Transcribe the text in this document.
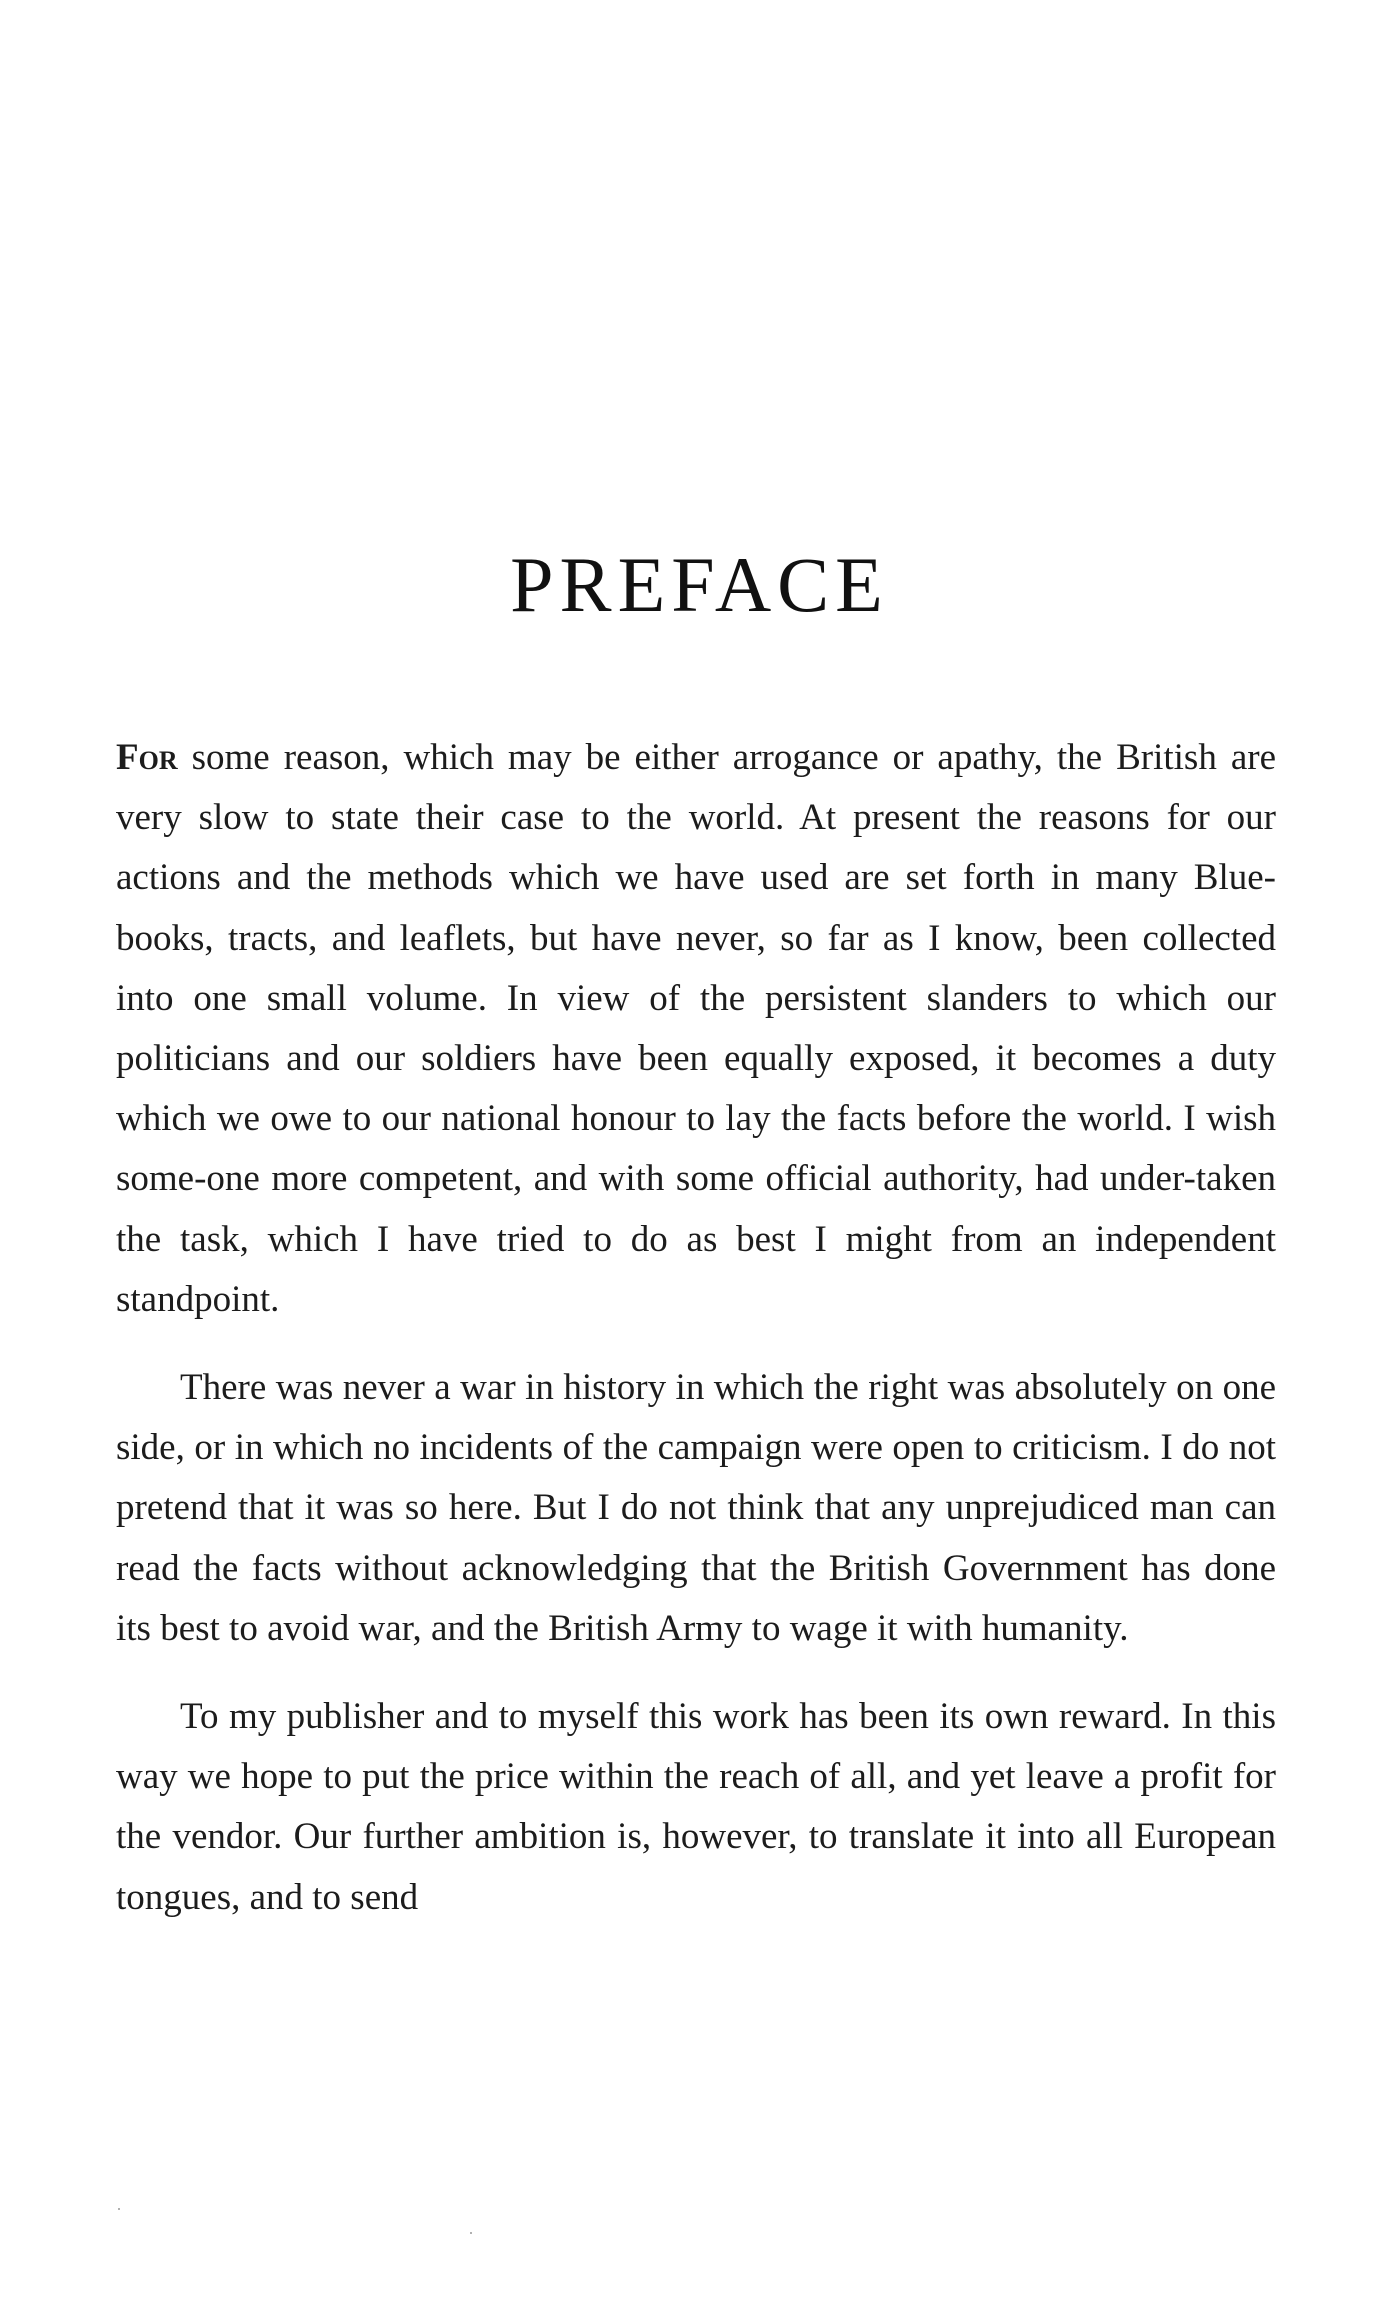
PREFACE

For some reason, which may be either arrogance or apathy, the British are very slow to state their case to the world. At present the reasons for our actions and the methods which we have used are set forth in many Blue-books, tracts, and leaflets, but have never, so far as I know, been collected into one small volume. In view of the persistent slanders to which our politicians and our soldiers have been equally exposed, it becomes a duty which we owe to our national honour to lay the facts before the world. I wish some-one more competent, and with some official authority, had under-taken the task, which I have tried to do as best I might from an independent standpoint.

There was never a war in history in which the right was absolutely on one side, or in which no incidents of the campaign were open to criticism. I do not pretend that it was so here. But I do not think that any unprejudiced man can read the facts without acknowledging that the British Government has done its best to avoid war, and the British Army to wage it with humanity.

To my publisher and to myself this work has been its own reward. In this way we hope to put the price within the reach of all, and yet leave a profit for the vendor. Our further ambition is, however, to translate it into all European tongues, and to send
